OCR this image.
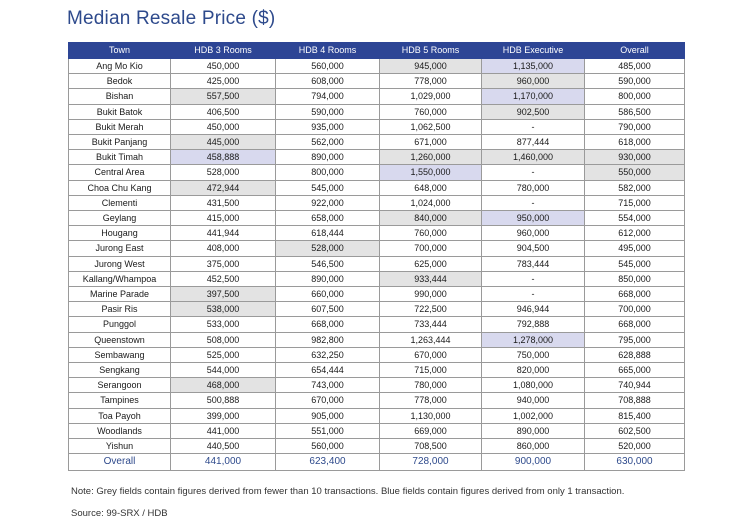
Median Resale Price ($)
Town	HDB 3 Rooms	HDB 4 Rooms	HDB 5 Rooms	HDB Executive	Overall
Ang Mo Kio	450,000	560,000	945,000	1,135,000	485,000
Bedok	425,000	608,000	778,000	960,000	590,000
Bishan	557,500	794,000	1,029,000	1,170,000	800,000
Bukit Batok	406,500	590,000	760,000	902,500	586,500
Bukit Merah	450,000	935,000	1,062,500	-	790,000
Bukit Panjang	445,000	562,000	671,000	877,444	618,000
Bukit Timah	458,888	890,000	1,260,000	1,460,000	930,000
Central Area	528,000	800,000	1,550,000	-	550,000
Choa Chu Kang	472,944	545,000	648,000	780,000	582,000
Clementi	431,500	922,000	1,024,000	-	715,000
Geylang	415,000	658,000	840,000	950,000	554,000
Hougang	441,944	618,444	760,000	960,000	612,000
Jurong East	408,000	528,000	700,000	904,500	495,000
Jurong West	375,000	546,500	625,000	783,444	545,000
Kallang/Whampoa	452,500	890,000	933,444	-	850,000
Marine Parade	397,500	660,000	990,000	-	668,000
Pasir Ris	538,000	607,500	722,500	946,944	700,000
Punggol	533,000	668,000	733,444	792,888	668,000
Queenstown	508,000	982,800	1,263,444	1,278,000	795,000
Sembawang	525,000	632,250	670,000	750,000	628,888
Sengkang	544,000	654,444	715,000	820,000	665,000
Serangoon	468,000	743,000	780,000	1,080,000	740,944
Tampines	500,888	670,000	778,000	940,000	708,888
Toa Payoh	399,000	905,000	1,130,000	1,002,000	815,400
Woodlands	441,000	551,000	669,000	890,000	602,500
Yishun	440,500	560,000	708,500	860,000	520,000
Overall	441,000	623,400	728,000	900,000	630,000
Note: Grey fields contain figures derived from fewer than 10 transactions. Blue fields contain figures derived from only 1 transaction.
Source: 99-SRX / HDB
